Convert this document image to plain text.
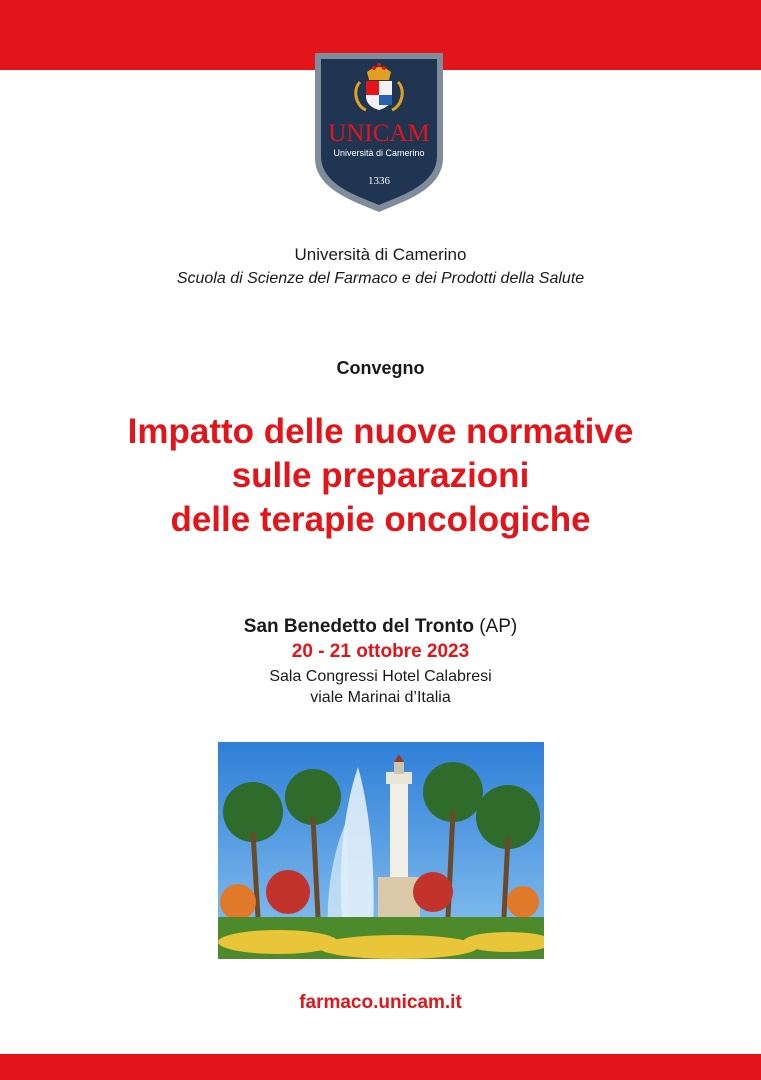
UNICAM
Università di Camerino
1336
Università di Camerino
Scuola di Scienze del Farmaco e dei Prodotti della Salute
Convegno
Impatto delle nuove normative
sulle preparazioni
delle terapie oncologiche
San Benedetto del Tronto (AP)
20 - 21 ottobre 2023
Sala Congressi Hotel Calabresi
viale Marinai d’Italia
farmaco.unicam.it
